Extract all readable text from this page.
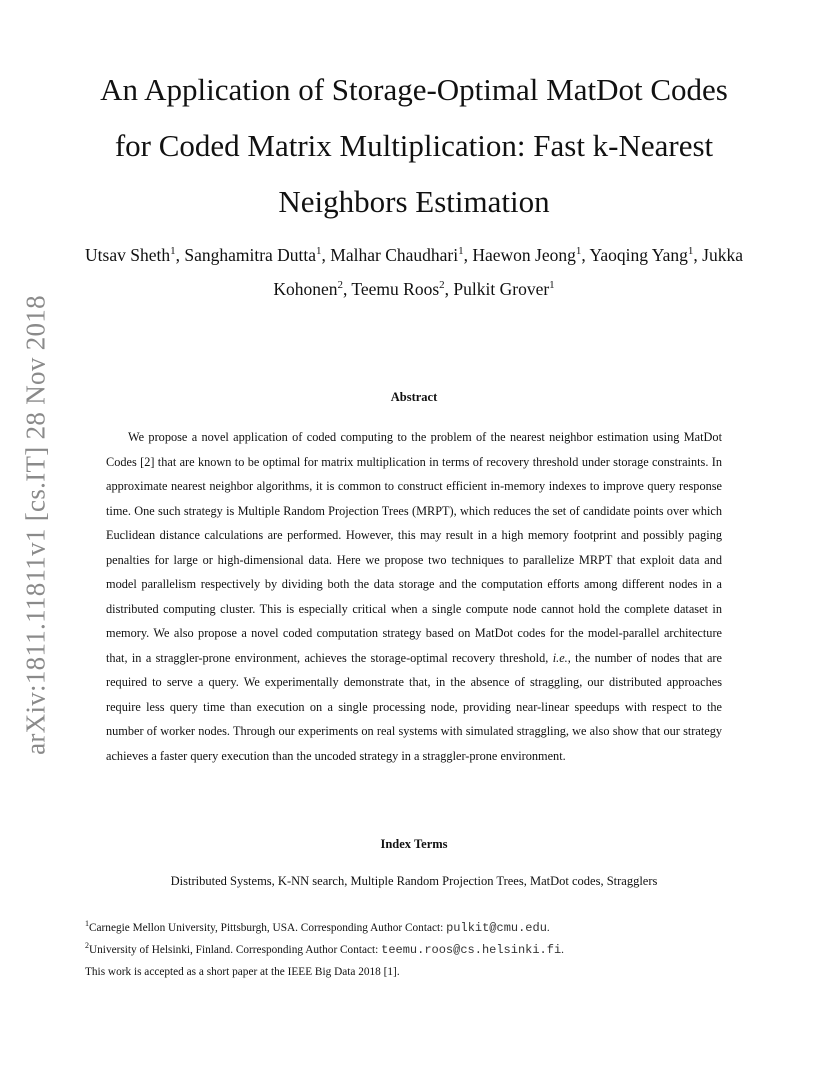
arXiv:1811.11811v1 [cs.IT] 28 Nov 2018
An Application of Storage-Optimal MatDot Codes
for Coded Matrix Multiplication: Fast k-Nearest
Neighbors Estimation
Utsav Sheth$^1$, Sanghamitra Dutta$^1$, Malhar Chaudhari$^1$, Haewon Jeong$^1$, Yaoqing Yang$^1$, Jukka Kohonen$^2$, Teemu Roos$^2$, Pulkit Grover$^1$
Abstract
We propose a novel application of coded computing to the problem of the nearest neighbor estimation using MatDot Codes [2] that are known to be optimal for matrix multiplication in terms of recovery threshold under storage constraints. In approximate nearest neighbor algorithms, it is common to construct efficient in-memory indexes to improve query response time. One such strategy is Multiple Random Projection Trees (MRPT), which reduces the set of candidate points over which Euclidean distance calculations are performed. However, this may result in a high memory footprint and possibly paging penalties for large or high-dimensional data. Here we propose two techniques to parallelize MRPT that exploit data and model parallelism respectively by dividing both the data storage and the computation efforts among different nodes in a distributed computing cluster. This is especially critical when a single compute node cannot hold the complete dataset in memory. We also propose a novel coded computation strategy based on MatDot codes for the model-parallel architecture that, in a straggler-prone environment, achieves the storage-optimal recovery threshold, i.e., the number of nodes that are required to serve a query. We experimentally demonstrate that, in the absence of straggling, our distributed approaches require less query time than execution on a single processing node, providing near-linear speedups with respect to the number of worker nodes. Through our experiments on real systems with simulated straggling, we also show that our strategy achieves a faster query execution than the uncoded strategy in a straggler-prone environment.
Index Terms
Distributed Systems, K-NN search, Multiple Random Projection Trees, MatDot codes, Stragglers
$^1$Carnegie Mellon University, Pittsburgh, USA. Corresponding Author Contact: pulkit@cmu.edu.
$^2$University of Helsinki, Finland. Corresponding Author Contact: teemu.roos@cs.helsinki.fi.
This work is accepted as a short paper at the IEEE Big Data 2018 [1].
